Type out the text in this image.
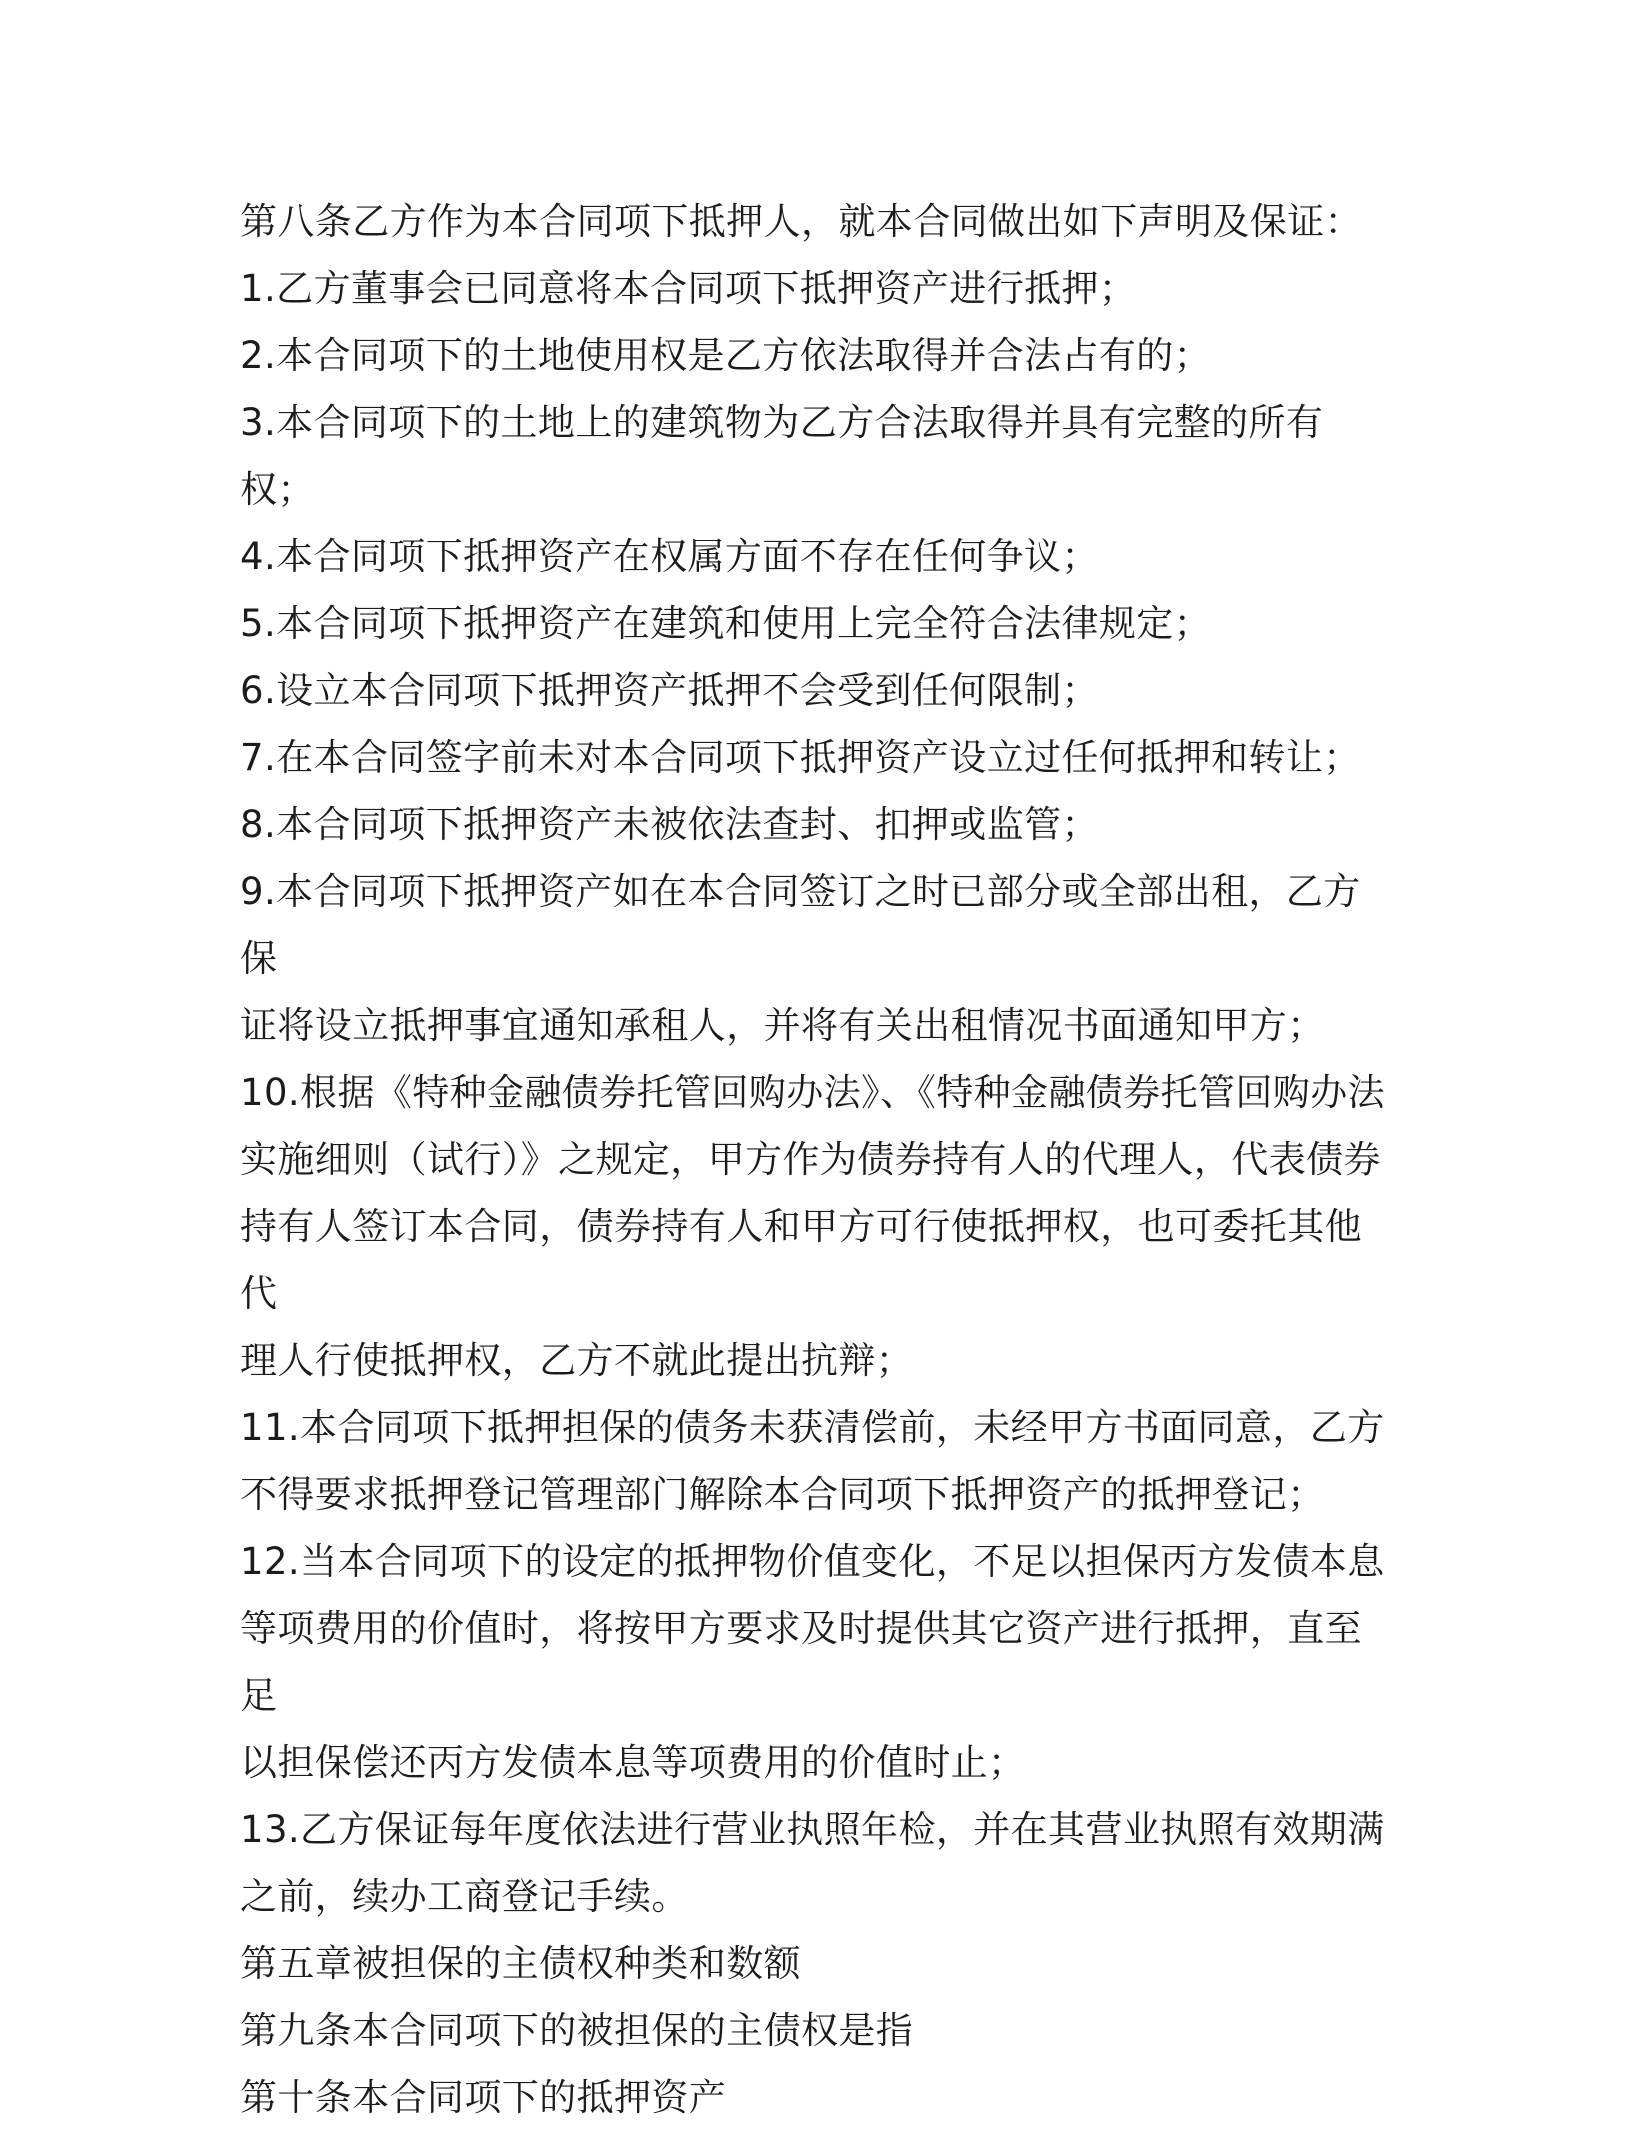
第八条乙方作为本合同项下抵押人，就本合同做出如下声明及保证：

1.乙方董事会已同意将本合同项下抵押资产进行抵押；

2.本合同项下的土地使用权是乙方依法取得并合法占有的；

3.本合同项下的土地上的建筑物为乙方合法取得并具有完整的所有权；

4.本合同项下抵押资产在权属方面不存在任何争议；

5.本合同项下抵押资产在建筑和使用上完全符合法律规定；

6.设立本合同项下抵押资产抵押不会受到任何限制；

7.在本合同签字前未对本合同项下抵押资产设立过任何抵押和转让；

8.本合同项下抵押资产未被依法查封、扣押或监管；

9.本合同项下抵押资产如在本合同签订之时已部分或全部出租，乙方保

证将设立抵押事宜通知承租人，并将有关出租情况书面通知甲方；

10.根据《特种金融债券托管回购办法》、《特种金融债券托管回购办法

实施细则（试行）》之规定，甲方作为债券持有人的代理人，代表债券

持有人签订本合同，债券持有人和甲方可行使抵押权，也可委托其他代

理人行使抵押权，乙方不就此提出抗辩；

11.本合同项下抵押担保的债务未获清偿前，未经甲方书面同意，乙方

不得要求抵押登记管理部门解除本合同项下抵押资产的抵押登记；

12.当本合同项下的设定的抵押物价值变化，不足以担保丙方发债本息

等项费用的价值时，将按甲方要求及时提供其它资产进行抵押，直至足

以担保偿还丙方发债本息等项费用的价值时止；

13.乙方保证每年度依法进行营业执照年检，并在其营业执照有效期满

之前，续办工商登记手续。

第五章被担保的主债权种类和数额

第九条本合同项下的被担保的主债权是指

第十条本合同项下的抵押资产
